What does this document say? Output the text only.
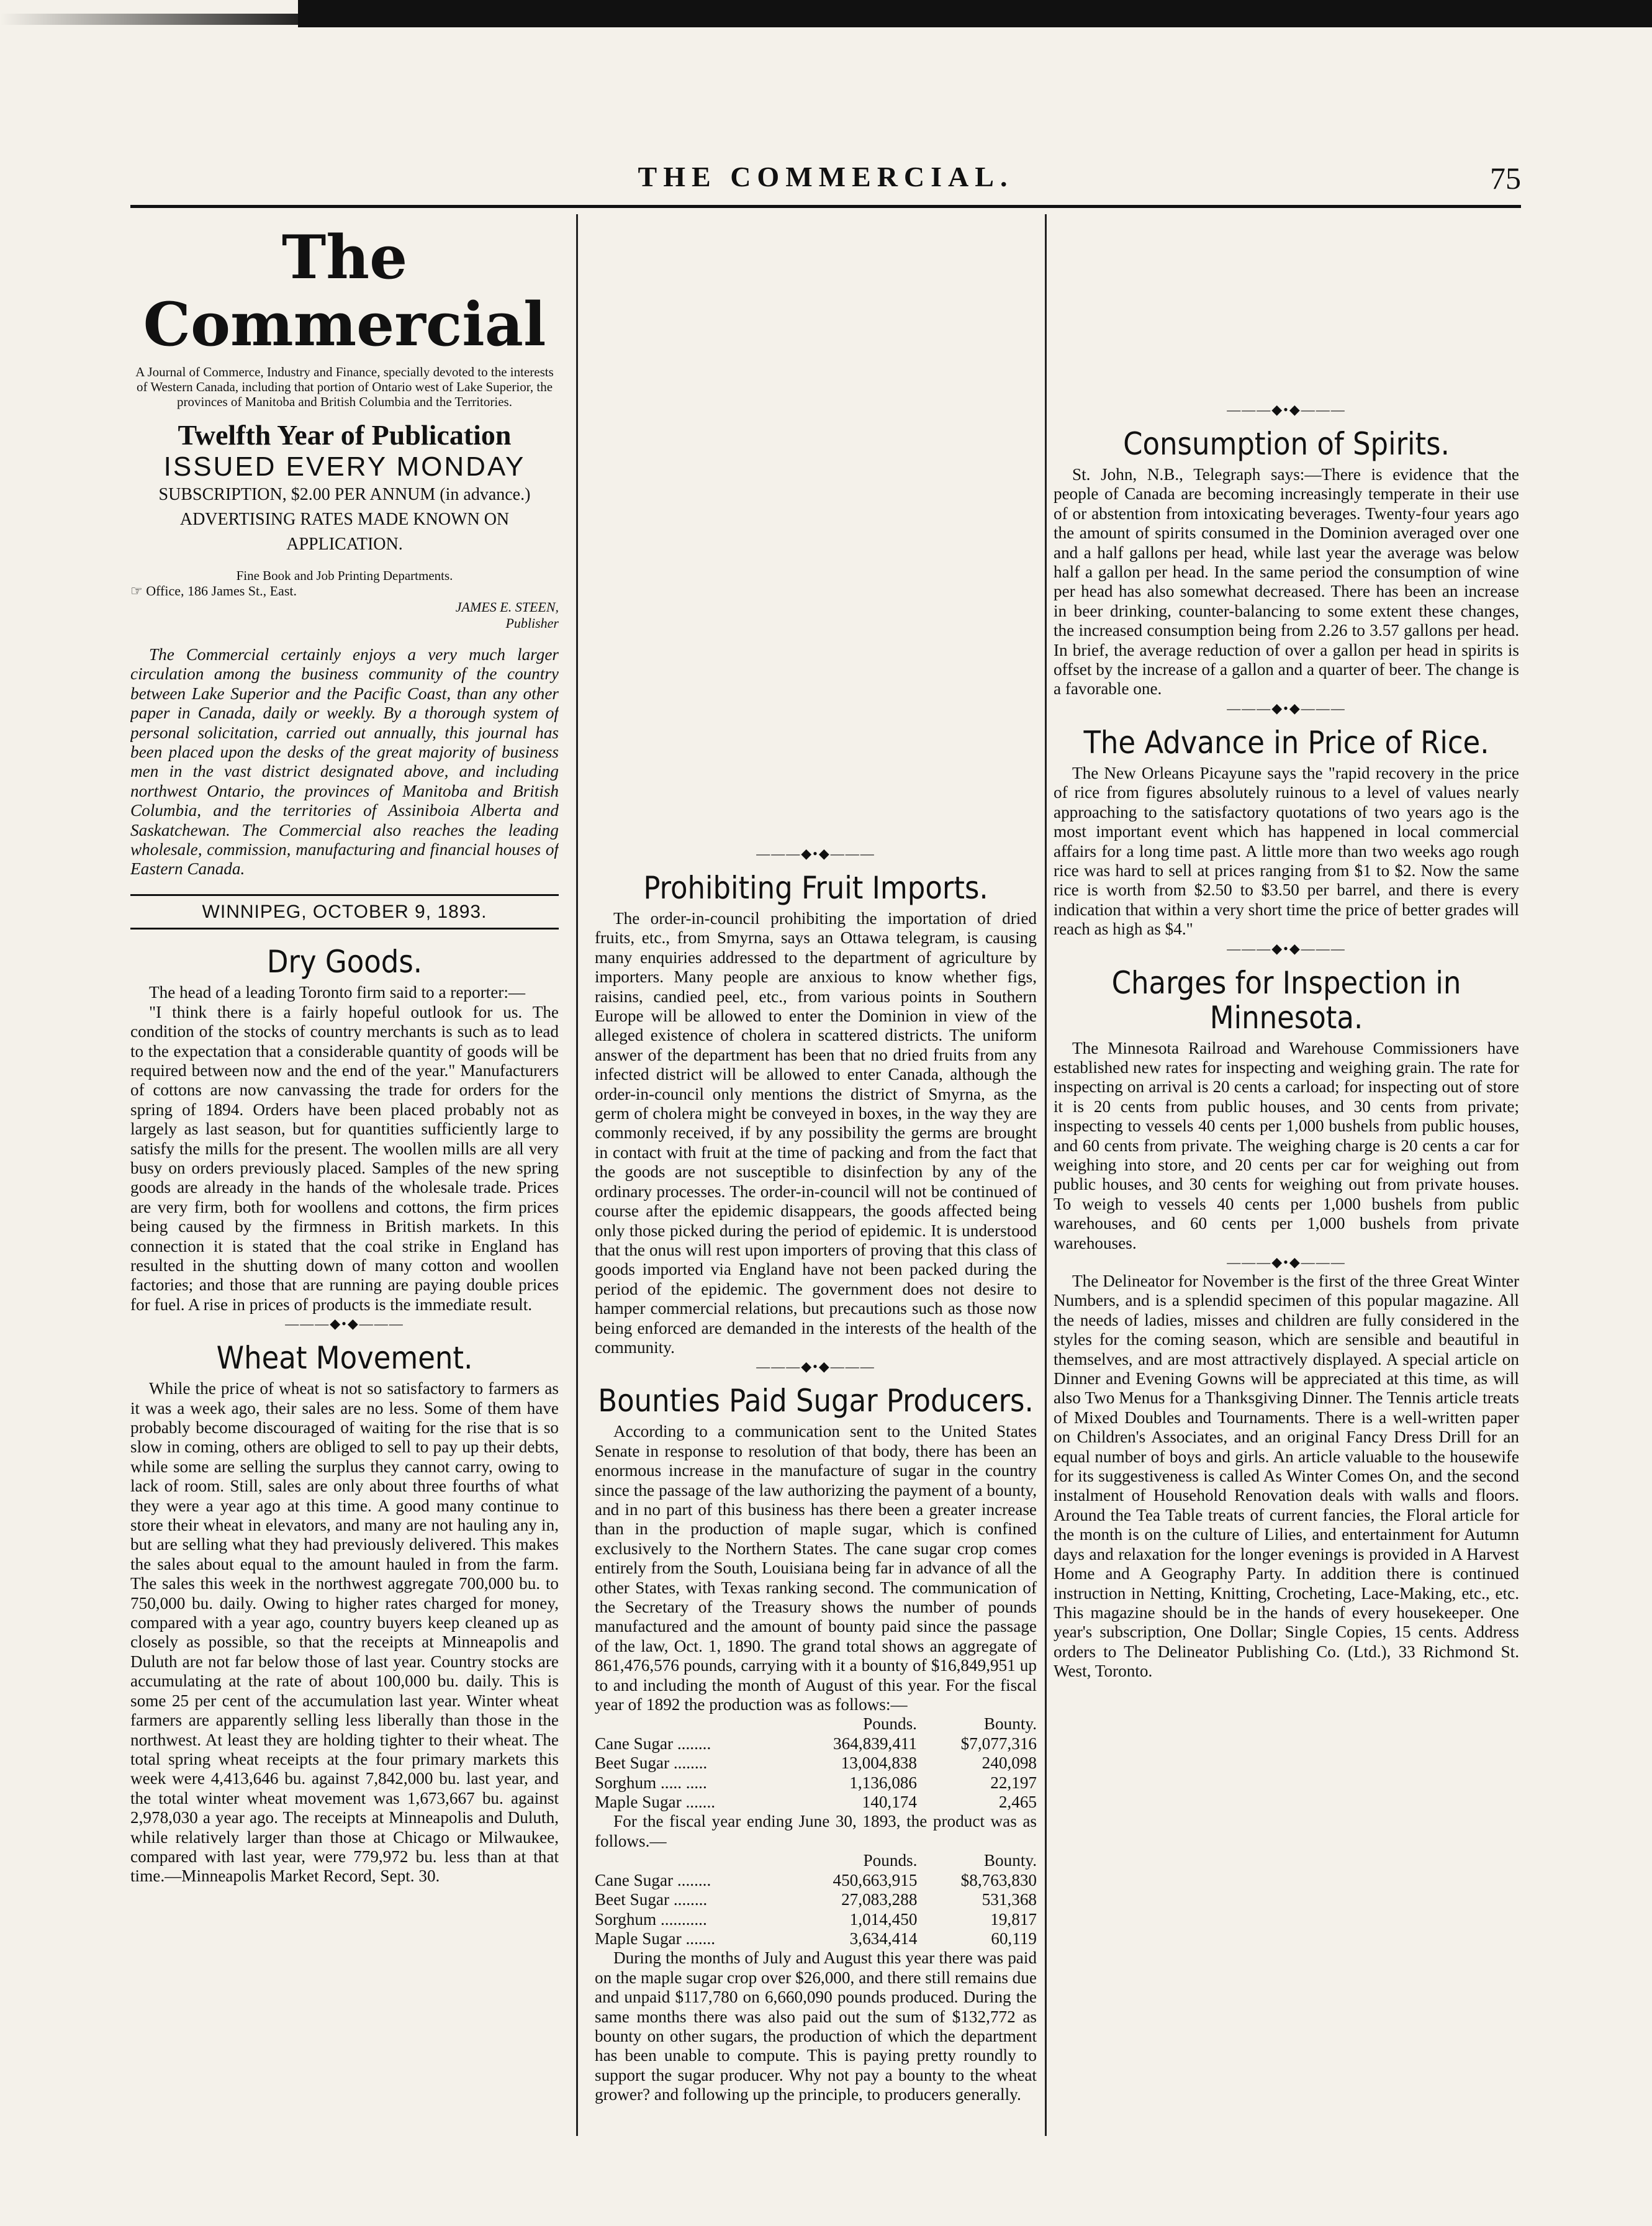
THE COMMERCIAL.	75
The Commercial
A Journal of Commerce, Industry and Finance, specially devoted to the interests of Western Canada, including that portion of Ontario west of Lake Superior, the provinces of Manitoba and British Columbia and the Territories.
Twelfth Year of Publication
ISSUED EVERY MONDAY
SUBSCRIPTION, $2.00 PER ANNUM (in advance.)
ADVERTISING RATES MADE KNOWN ON APPLICATION.
Fine Book and Job Printing Departments.
☞ Office, 186 James St., East.
JAMES E. STEEN,
Publisher

The Commercial certainly enjoys a very much larger circulation among the business community of the country between Lake Superior and the Pacific Coast, than any other paper in Canada, daily or weekly. By a thorough system of personal solicitation, carried out annually, this journal has been placed upon the desks of the great majority of business men in the vast district designated above, and including northwest Ontario, the provinces of Manitoba and British Columbia, and the territories of Assiniboia Alberta and Saskatchewan. The Commercial also reaches the leading wholesale, commission, manufacturing and financial houses of Eastern Canada.

WINNIPEG, OCTOBER 9, 1893.
Dry Goods.

The head of a leading Toronto firm said to a reporter:—

"I think there is a fairly hopeful outlook for us. The condition of the stocks of country merchants is such as to lead to the expectation that a considerable quantity of goods will be required between now and the end of the year." Manufacturers of cottons are now canvassing the trade for orders for the spring of 1894. Orders have been placed probably not as largely as last season, but for quantities sufficiently large to satisfy the mills for the present. The woollen mills are all very busy on orders previously placed. Samples of the new spring goods are already in the hands of the wholesale trade. Prices are very firm, both for woollens and cottons, the firm prices being caused by the firmness in British markets. In this connection it is stated that the coal strike in England has resulted in the shutting down of many cotton and woollen factories; and those that are running are paying double prices for fuel. A rise in prices of products is the immediate result.

———◆•◆———
Wheat Movement.

While the price of wheat is not so satisfactory to farmers as it was a week ago, their sales are no less. Some of them have probably become discouraged of waiting for the rise that is so slow in coming, others are obliged to sell to pay up their debts, while some are selling the surplus they cannot carry, owing to lack of room. Still, sales are only about three fourths of what they were a year ago at this time. A good many continue to store their wheat in elevators, and many are not hauling any in, but are selling what they had previously delivered. This makes the sales about equal to the amount hauled in from the farm. The sales this week in the northwest aggregate 700,000 bu. to 750,000 bu. daily. Owing to higher rates charged for money, compared with a year ago, country buyers keep cleaned up as closely as possible, so that the receipts at Minneapolis and Duluth are not far below those of last year. Country stocks are accumulating at the rate of about 100,000 bu. daily. This is some 25 per cent of the accumulation last year. Winter wheat farmers are apparently selling less liberally than those in the northwest. At least they are holding tighter to their wheat. The total spring wheat receipts at the four primary markets this week were 4,413,646 bu. against 7,842,000 bu. last year, and the total winter wheat movement was 1,673,667 bu. against 2,978,030 a year ago. The receipts at Minneapolis and Duluth, while relatively larger than those at Chicago or Milwaukee, compared with last year, were 779,972 bu. less than at that time.—Minneapolis Market Record, Sept. 30.

———◆•◆———
Prohibiting Fruit Imports.

The order-in-council prohibiting the importation of dried fruits, etc., from Smyrna, says an Ottawa telegram, is causing many enquiries addressed to the department of agriculture by importers. Many people are anxious to know whether figs, raisins, candied peel, etc., from various points in Southern Europe will be allowed to enter the Dominion in view of the alleged existence of cholera in scattered districts. The uniform answer of the department has been that no dried fruits from any infected district will be allowed to enter Canada, although the order-in-council only mentions the district of Smyrna, as the germ of cholera might be conveyed in boxes, in the way they are commonly received, if by any possibility the germs are brought in contact with fruit at the time of packing and from the fact that the goods are not susceptible to disinfection by any of the ordinary processes. The order-in-council will not be continued of course after the epidemic disappears, the goods affected being only those picked during the period of epidemic. It is understood that the onus will rest upon importers of proving that this class of goods imported via England have not been packed during the period of the epidemic. The government does not desire to hamper commercial relations, but precautions such as those now being enforced are demanded in the interests of the health of the community.

———◆•◆———
Bounties Paid Sugar Producers.

According to a communication sent to the United States Senate in response to resolution of that body, there has been an enormous increase in the manufacture of sugar in the country since the passage of the law authorizing the payment of a bounty, and in no part of this business has there been a greater increase than in the production of maple sugar, which is confined exclusively to the Northern States. The cane sugar crop comes entirely from the South, Louisiana being far in advance of all the other States, with Texas ranking second. The communication of the Secretary of the Treasury shows the number of pounds manufactured and the amount of bounty paid since the passage of the law, Oct. 1, 1890. The grand total shows an aggregate of 861,476,576 pounds, carrying with it a bounty of $16,849,951 up to and including the month of August of this year. For the fiscal year of 1892 the production was as follows:—

	Pounds.	Bounty.
Cane Sugar ........	364,839,411	$7,077,316
Beet Sugar ........	13,004,838	240,098
Sorghum ..... .....	1,136,086	22,197
Maple Sugar .......	140,174	2,465

For the fiscal year ending June 30, 1893, the product was as follows.—

	Pounds.	Bounty.
Cane Sugar ........	450,663,915	$8,763,830
Beet Sugar ........	27,083,288	531,368
Sorghum ...........	1,014,450	19,817
Maple Sugar .......	3,634,414	60,119

During the months of July and August this year there was paid on the maple sugar crop over $26,000, and there still remains due and unpaid $117,780 on 6,660,090 pounds produced. During the same months there was also paid out the sum of $132,772 as bounty on other sugars, the production of which the department has been unable to compute. This is paying pretty roundly to support the sugar producer. Why not pay a bounty to the wheat grower? and following up the principle, to producers generally.

———◆•◆———
Consumption of Spirits.

St. John, N.B., Telegraph says:—There is evidence that the people of Canada are becoming increasingly temperate in their use of or abstention from intoxicating beverages. Twenty-four years ago the amount of spirits consumed in the Dominion averaged over one and a half gallons per head, while last year the average was below half a gallon per head. In the same period the consumption of wine per head has also somewhat decreased. There has been an increase in beer drinking, counter-balancing to some extent these changes, the increased consumption being from 2.26 to 3.57 gallons per head. In brief, the average reduction of over a gallon per head in spirits is offset by the increase of a gallon and a quarter of beer. The change is a favorable one.

———◆•◆———
The Advance in Price of Rice.

The New Orleans Picayune says the "rapid recovery in the price of rice from figures absolutely ruinous to a level of values nearly approaching to the satisfactory quotations of two years ago is the most important event which has happened in local commercial affairs for a long time past. A little more than two weeks ago rough rice was hard to sell at prices ranging from $1 to $2. Now the same rice is worth from $2.50 to $3.50 per barrel, and there is every indication that within a very short time the price of better grades will reach as high as $4."

———◆•◆———
Charges for Inspection in Minnesota.

The Minnesota Railroad and Warehouse Commissioners have established new rates for inspecting and weighing grain. The rate for inspecting on arrival is 20 cents a carload; for inspecting out of store it is 20 cents from public houses, and 30 cents from private; inspecting to vessels 40 cents per 1,000 bushels from public houses, and 60 cents from private. The weighing charge is 20 cents a car for weighing into store, and 20 cents per car for weighing out from public houses, and 30 cents for weighing out from private houses. To weigh to vessels 40 cents per 1,000 bushels from public warehouses, and 60 cents per 1,000 bushels from private warehouses.

———◆•◆———

The Delineator for November is the first of the three Great Winter Numbers, and is a splendid specimen of this popular magazine. All the needs of ladies, misses and children are fully considered in the styles for the coming season, which are sensible and beautiful in themselves, and are most attractively displayed. A special article on Dinner and Evening Gowns will be appreciated at this time, as will also Two Menus for a Thanksgiving Dinner. The Tennis article treats of Mixed Doubles and Tournaments. There is a well-written paper on Children's Associates, and an original Fancy Dress Drill for an equal number of boys and girls. An article valuable to the housewife for its suggestiveness is called As Winter Comes On, and the second instalment of Household Renovation deals with walls and floors. Around the Tea Table treats of current fancies, the Floral article for the month is on the culture of Lilies, and entertainment for Autumn days and relaxation for the longer evenings is provided in A Harvest Home and A Geography Party. In addition there is continued instruction in Netting, Knitting, Crocheting, Lace-Making, etc., etc. This magazine should be in the hands of every housekeeper. One year's subscription, One Dollar; Single Copies, 15 cents. Address orders to The Delineator Publishing Co. (Ltd.), 33 Richmond St. West, Toronto.
